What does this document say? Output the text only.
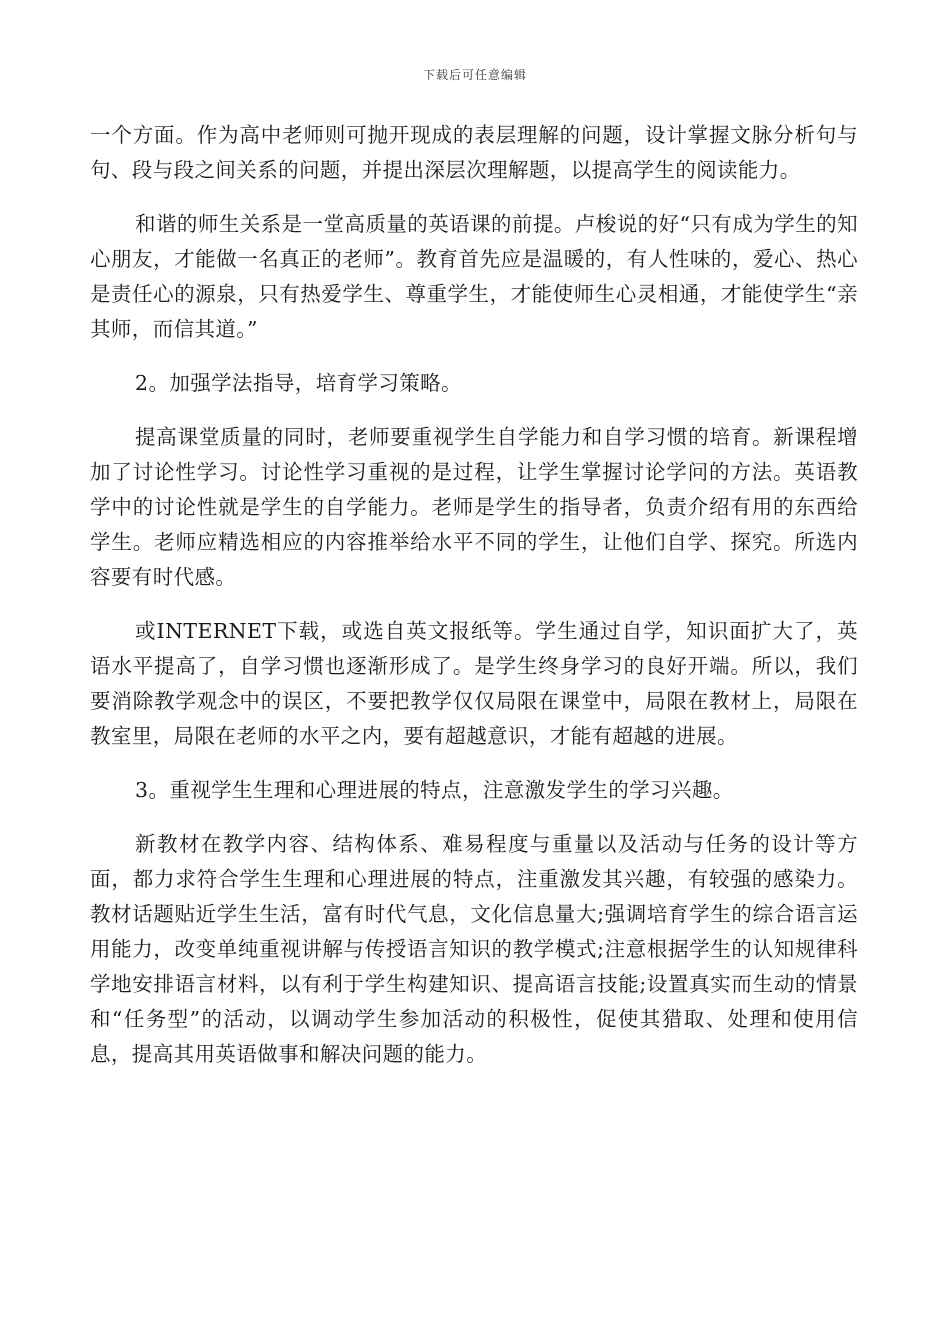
下载后可任意编辑

一个方面。作为高中老师则可抛开现成的表层理解的问题，设计掌握文脉分析句与句、段与段之间关系的问题，并提出深层次理解题，以提高学生的阅读能力。

和谐的师生关系是一堂高质量的英语课的前提。卢梭说的好“只有成为学生的知心朋友，才能做一名真正的老师”。教育首先应是温暖的，有人性味的，爱心、热心是责任心的源泉，只有热爱学生、尊重学生，才能使师生心灵相通，才能使学生“亲其师，而信其道。”

2。加强学法指导，培育学习策略。

提高课堂质量的同时，老师要重视学生自学能力和自学习惯的培育。新课程增加了讨论性学习。讨论性学习重视的是过程，让学生掌握讨论学问的方法。英语教学中的讨论性就是学生的自学能力。老师是学生的指导者，负责介绍有用的东西给学生。老师应精选相应的内容推举给水平不同的学生，让他们自学、探究。所选内容要有时代感。

或INTERNET下载，或选自英文报纸等。学生通过自学，知识面扩大了，英语水平提高了，自学习惯也逐渐形成了。是学生终身学习的良好开端。所以，我们要消除教学观念中的误区，不要把教学仅仅局限在课堂中，局限在教材上，局限在教室里，局限在老师的水平之内，要有超越意识，才能有超越的进展。

3。重视学生生理和心理进展的特点，注意激发学生的学习兴趣。

新教材在教学内容、结构体系、难易程度与重量以及活动与任务的设计等方面，都力求符合学生生理和心理进展的特点，注重激发其兴趣，有较强的感染力。教材话题贴近学生生活，富有时代气息，文化信息量大;强调培育学生的综合语言运用能力，改变单纯重视讲解与传授语言知识的教学模式;注意根据学生的认知规律科学地安排语言材料，以有利于学生构建知识、提高语言技能;设置真实而生动的情景和“任务型”的活动，以调动学生参加活动的积极性，促使其猎取、处理和使用信息，提高其用英语做事和解决问题的能力。
